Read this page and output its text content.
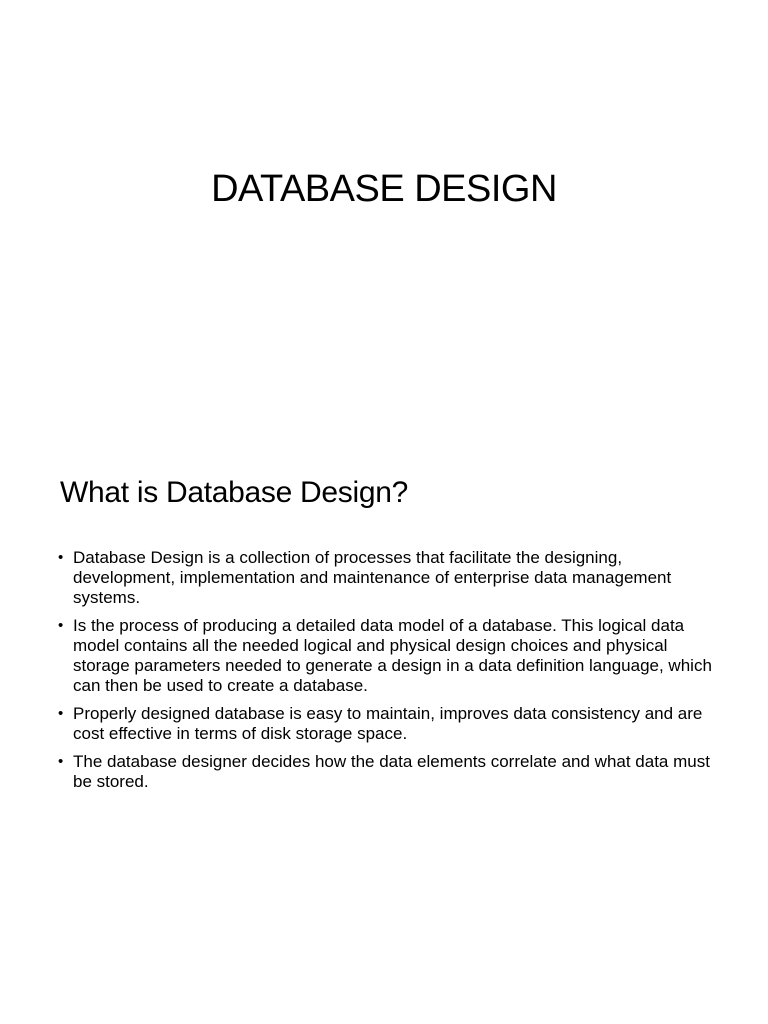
DATABASE DESIGN
What is Database Design?
• Database Design is a collection of processes that facilitate the designing, development, implementation and maintenance of enterprise data management systems.
• Is the process of producing a detailed data model of a database. This logical data model contains all the needed logical and physical design choices and physical storage parameters needed to generate a design in a data definition language, which can then be used to create a database.
• Properly designed database is easy to maintain, improves data consistency and are cost effective in terms of disk storage space.
• The database designer decides how the data elements correlate and what data must be stored.
